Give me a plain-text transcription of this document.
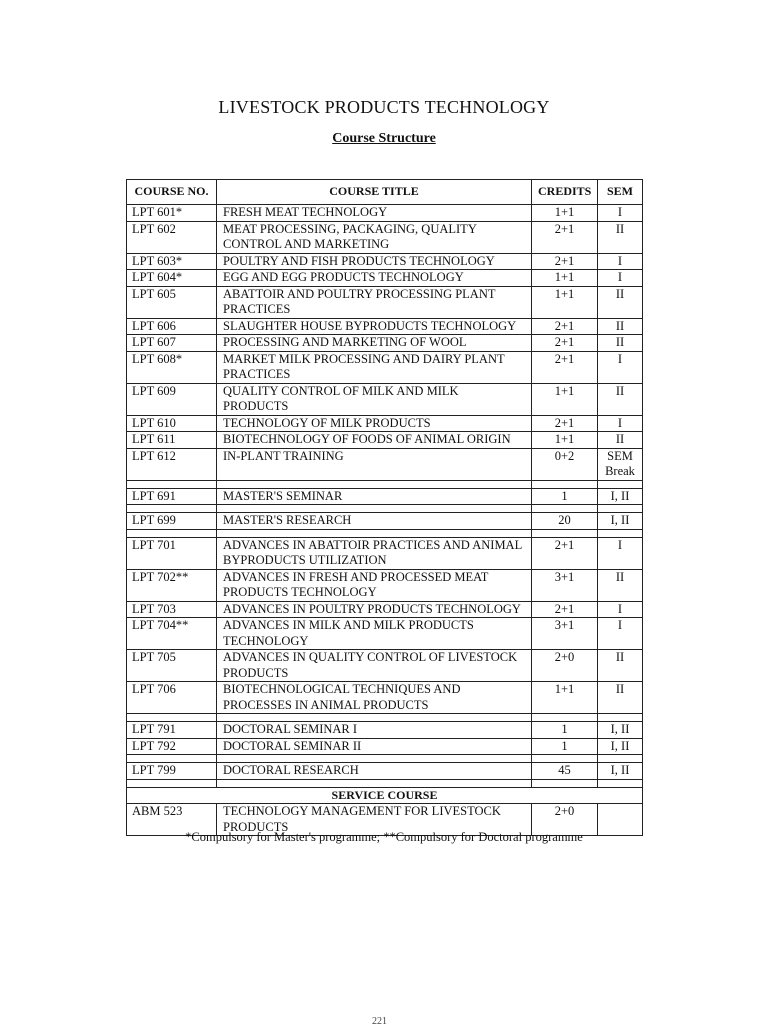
LIVESTOCK PRODUCTS TECHNOLOGY
Course Structure
COURSE NO.	COURSE TITLE	CREDITS	SEM
LPT 601*	FRESH MEAT TECHNOLOGY	1+1	I
LPT 602	MEAT PROCESSING, PACKAGING, QUALITY CONTROL AND MARKETING	2+1	II
LPT 603*	POULTRY AND FISH PRODUCTS TECHNOLOGY	2+1	I
LPT 604*	EGG AND EGG PRODUCTS TECHNOLOGY	1+1	I
LPT 605	ABATTOIR AND POULTRY PROCESSING PLANT PRACTICES	1+1	II
LPT 606	SLAUGHTER HOUSE BYPRODUCTS TECHNOLOGY	2+1	II
LPT 607	PROCESSING AND MARKETING OF WOOL	2+1	II
LPT 608*	MARKET MILK PROCESSING AND DAIRY PLANT PRACTICES	2+1	I
LPT 609	QUALITY CONTROL OF MILK AND MILK PRODUCTS	1+1	II
LPT 610	TECHNOLOGY OF MILK PRODUCTS	2+1	I
LPT 611	BIOTECHNOLOGY OF FOODS OF ANIMAL ORIGIN	1+1	II
LPT 612	IN-PLANT TRAINING	0+2	SEM Break

LPT 691	MASTER'S SEMINAR	1	I, II

LPT 699	MASTER'S RESEARCH	20	I, II

LPT 701	ADVANCES IN ABATTOIR PRACTICES AND ANIMAL BYPRODUCTS UTILIZATION	2+1	I
LPT 702**	ADVANCES IN FRESH AND PROCESSED MEAT PRODUCTS TECHNOLOGY	3+1	II
LPT 703	ADVANCES IN POULTRY PRODUCTS TECHNOLOGY	2+1	I
LPT 704**	ADVANCES IN MILK AND MILK PRODUCTS TECHNOLOGY	3+1	I
LPT 705	ADVANCES IN QUALITY CONTROL OF LIVESTOCK PRODUCTS	2+0	II
LPT 706	BIOTECHNOLOGICAL TECHNIQUES AND PROCESSES IN ANIMAL PRODUCTS	1+1	II

LPT 791	DOCTORAL SEMINAR I	1	I, II
LPT 792	DOCTORAL SEMINAR II	1	I, II

LPT 799	DOCTORAL RESEARCH	45	I, II

SERVICE COURSE			
ABM 523	TECHNOLOGY MANAGEMENT FOR LIVESTOCK PRODUCTS	2+0	
*Compulsory for Master's programme; **Compulsory for Doctoral programme
221
